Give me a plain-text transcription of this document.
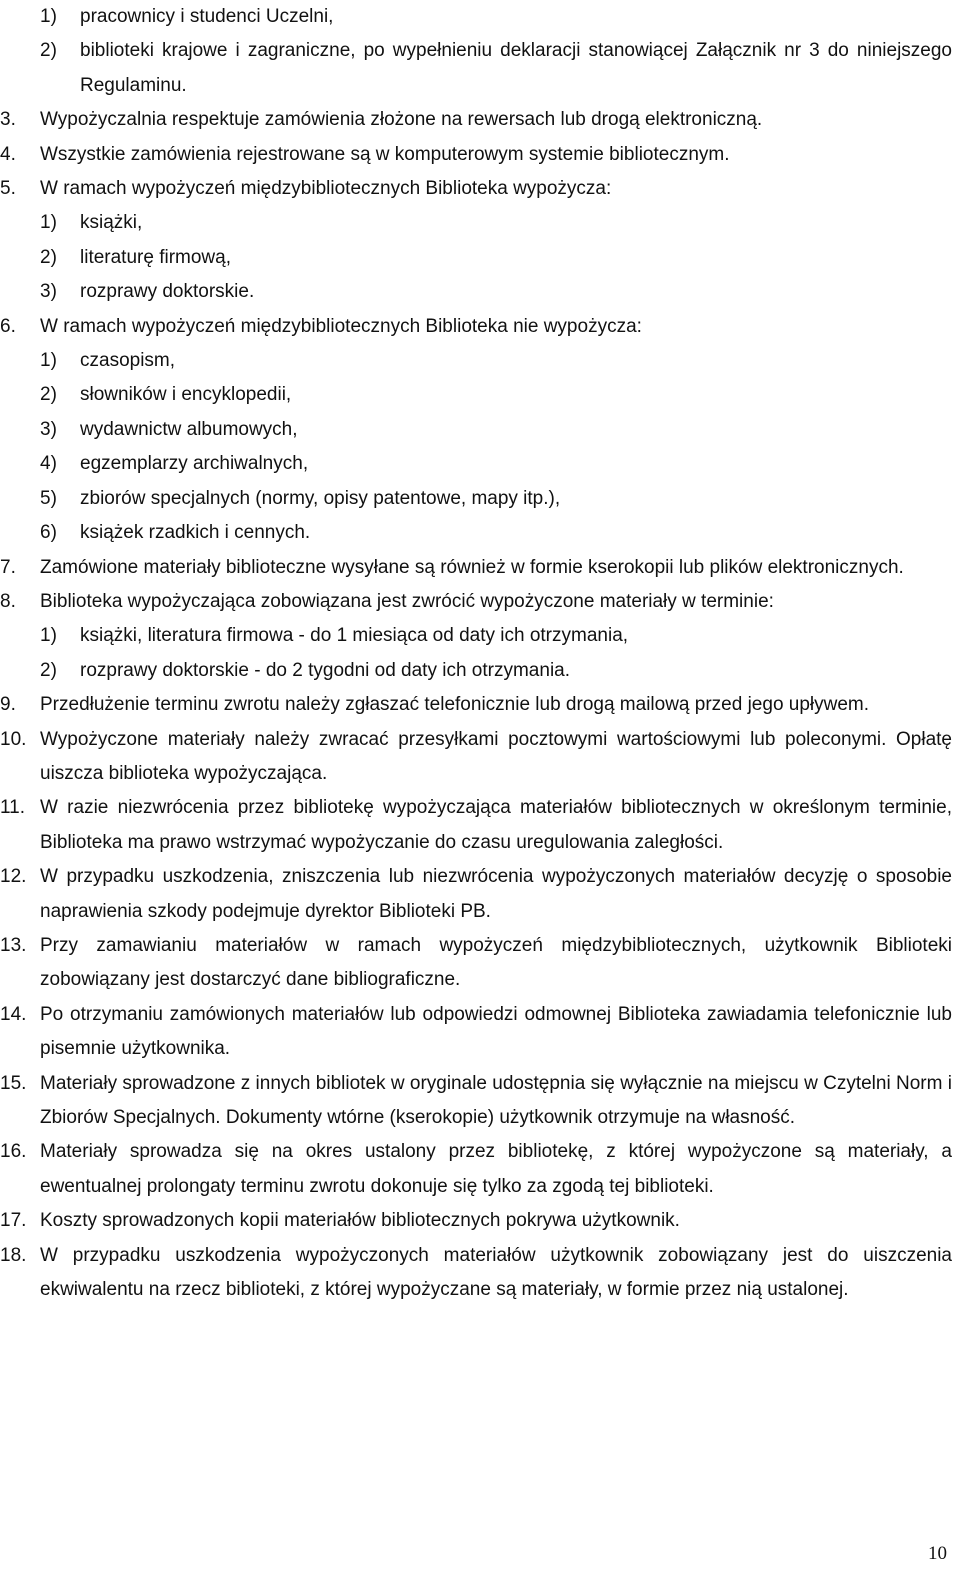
1)	pracownicy i studenci Uczelni,
2)	biblioteki krajowe i zagraniczne, po wypełnieniu deklaracji stanowiącej Załącznik nr 3 do niniejszego Regulaminu.
3.	Wypożyczalnia respektuje zamówienia złożone na rewersach lub drogą elektroniczną.
4.	Wszystkie zamówienia rejestrowane są w komputerowym systemie bibliotecznym.
5.	W ramach wypożyczeń międzybibliotecznych Biblioteka wypożycza:
1)	książki,
2)	literaturę firmową,
3)	rozprawy doktorskie.
6.	W ramach wypożyczeń międzybibliotecznych Biblioteka nie wypożycza:
1)	czasopism,
2)	słowników i encyklopedii,
3)	wydawnictw albumowych,
4)	egzemplarzy archiwalnych,
5)	zbiorów specjalnych (normy, opisy patentowe, mapy itp.),
6)	książek rzadkich i cennych.
7.	Zamówione materiały biblioteczne wysyłane są również w formie kserokopii lub plików elektronicznych.
8.	Biblioteka wypożyczająca zobowiązana jest zwrócić wypożyczone materiały w terminie:
1)	książki, literatura firmowa - do 1 miesiąca od daty ich otrzymania,
2)	rozprawy doktorskie - do 2 tygodni od daty ich otrzymania.
9.	Przedłużenie terminu zwrotu należy zgłaszać telefonicznie lub drogą mailową przed jego upływem.
10. Wypożyczone materiały należy zwracać przesyłkami pocztowymi wartościowymi lub poleconymi. Opłatę uiszcza biblioteka wypożyczająca.
11. W razie niezwrócenia przez bibliotekę wypożyczająca materiałów bibliotecznych w określonym terminie, Biblioteka ma prawo wstrzymać wypożyczanie do czasu uregulowania zaległości.
12. W przypadku uszkodzenia, zniszczenia lub niezwrócenia wypożyczonych materiałów decyzję o sposobie naprawienia szkody podejmuje dyrektor Biblioteki PB.
13. Przy zamawianiu materiałów w ramach wypożyczeń międzybibliotecznych, użytkownik Biblioteki zobowiązany jest dostarczyć dane bibliograficzne.
14. Po otrzymaniu zamówionych materiałów lub odpowiedzi odmownej Biblioteka zawiadamia telefonicznie lub pisemnie użytkownika.
15. Materiały sprowadzone z innych bibliotek w oryginale udostępnia się wyłącznie na miejscu w Czytelni Norm i Zbiorów Specjalnych. Dokumenty wtórne (kserokopie) użytkownik otrzymuje na własność.
16. Materiały sprowadza się na okres ustalony przez bibliotekę, z której wypożyczone są materiały, a ewentualnej prolongaty terminu zwrotu dokonuje się tylko za zgodą tej biblioteki.
17. Koszty sprowadzonych kopii materiałów bibliotecznych pokrywa użytkownik.
18. W przypadku uszkodzenia wypożyczonych materiałów użytkownik zobowiązany jest do uiszczenia ekwiwalentu na rzecz biblioteki, z której wypożyczane są materiały, w formie przez nią ustalonej.
10
